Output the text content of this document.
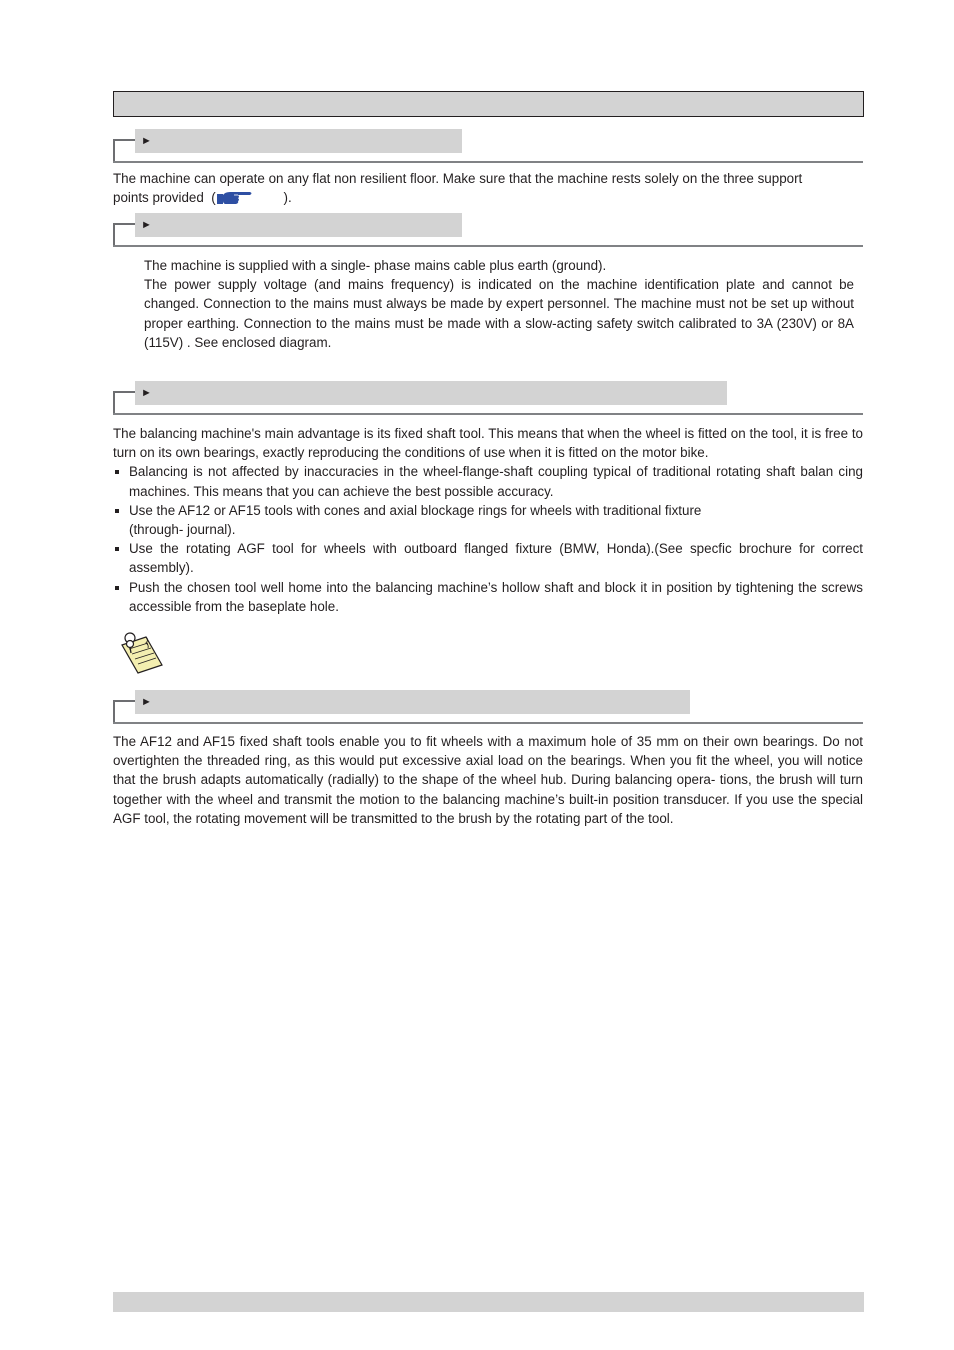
►

The machine can operate on any flat non resilient floor. Make sure that the machine rests solely on the three support

points provided  (	).

►

The machine is supplied with a single- phase mains cable plus earth (ground).

The power supply voltage (and mains frequency) is indicated on the machine identification plate and cannot be changed. Connection to the mains must always be made by expert personnel. The machine must not be set up without proper earthing. Connection to the mains must be made with a slow-acting safety switch calibrated to 3A (230V) or 8A (115V) . See enclosed diagram.

►

The balancing machine's main advantage is its fixed shaft tool. This means that when the wheel is fitted on the tool, it is free to turn on its own bearings, exactly reproducing the conditions of use when it is fitted on the motor bike.

Balancing is not affected by inaccuracies in the wheel-flange-shaft coupling typical of traditional rotating shaft balan cing machines. This means that you can achieve the best possible accuracy.
Use the AF12 or AF15 tools with cones and axial blockage rings for wheels with traditional fixture
(through- journal).
Use the rotating AGF tool for wheels with outboard flanged fixture (BMW, Honda).(See specfic brochure for correct assembly).
Push the chosen tool well home into the balancing machine’s hollow shaft and block it in position by tightening the screws accessible from the baseplate hole.
►

The AF12 and AF15 fixed shaft tools enable you to fit wheels with a maximum hole of 35 mm on their own bearings. Do not overtighten the threaded ring, as this would put excessive axial load on the bearings. When you fit the wheel, you will notice that the brush adapts automatically (radially) to the shape of the wheel hub. During balancing opera- tions, the brush will turn together with the wheel and transmit the motion to the balancing machine’s built-in position transducer. If you use the special AGF tool, the rotating movement will be transmitted to the brush by the rotating part of the tool.
